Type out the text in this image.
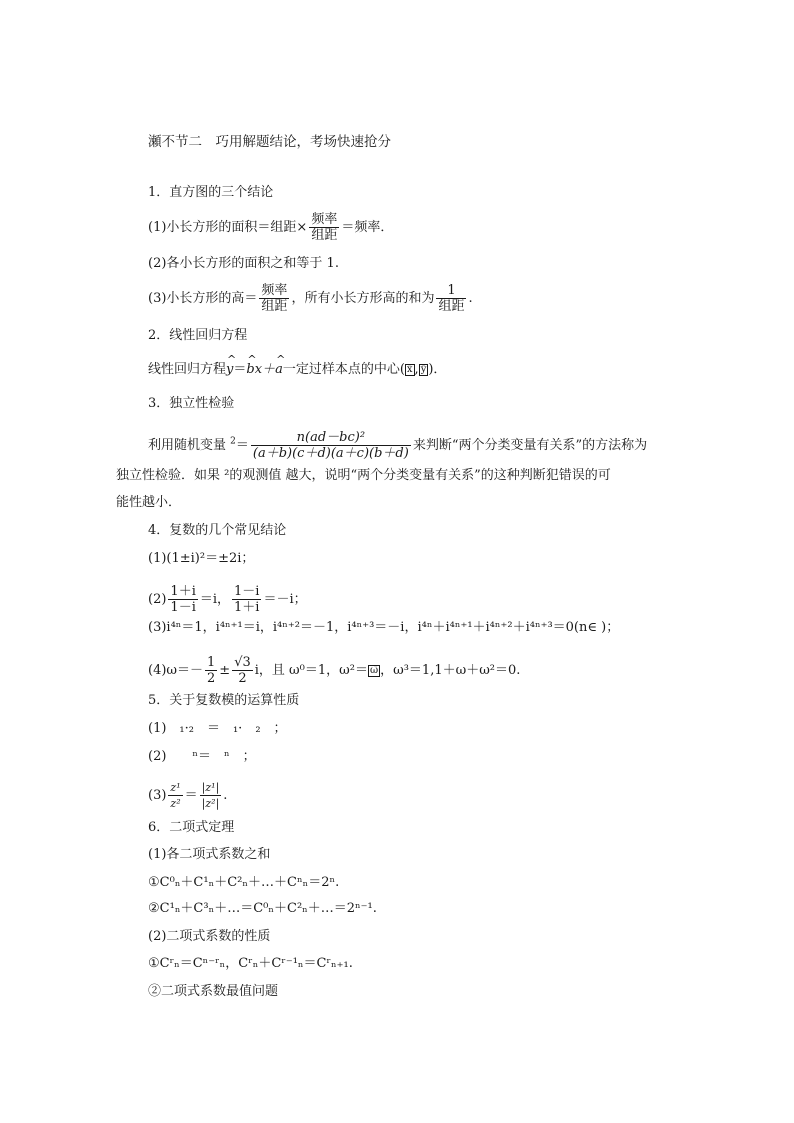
瀬不节二　巧用解题结论，考场快速抢分
1．直方图的三个结论
(1)小长方形的面积＝组距× $\frac{\text{频率}}{\text{组距}}$ ＝频率．
(2)各小长方形的面积之和等于 1.
(3)小长方形的高＝ $\frac{\text{频率}}{\text{组距}}$ ，所有小长方形高的和为 $\frac{1}{\text{组距}}$ .
2．线性回归方程
线性回归方程^ y＝^ bx＋^ a一定过样本点的中心( x̄ , ȳ )．
3．独立性检验
利用随机变量 $^2= \frac{\text{n(ad－bc)²}}{(a+b)(c+d)(a+c)(b+d)}$ 来判断“两个分类变量有关系”的方法称为
独立性检验．如果 ²的观测值 越大，说明“两个分类变量有关系”的这种判断犯错误的可
能性越小．
4．复数的几个常见结论
(1)(1±i)²＝±2i；
$(2) \frac{1+i}{1-i} =i$， $\frac{1-i}{1+i} =-i$；
(3)i⁴ⁿ＝1，i⁴ⁿ⁺¹＝i，i⁴ⁿ⁺²＝－1，i⁴ⁿ⁺³＝－i，i⁴ⁿ＋i⁴ⁿ⁺¹＋i⁴ⁿ⁺²＋i⁴ⁿ⁺³＝0(n∈ )；
$(4)\omega=- \frac{1}{2} \pm \frac{√3}{2}$ i，且 ω⁰＝1，ω²＝ ω̄ ，ω³＝1,1＋ω＋ω²＝0.
5．关于复数模的运算性质
(1)　₁·₂　＝　₁·　₂　；
(2)　　ⁿ＝　ⁿ　；
$(3) \frac{\text{z¹}}{\text{z²}} = \frac{\text{|z¹|}}{\text{|z²|}}$ .
6．二项式定理
(1)各二项式系数之和
①C⁰ₙ＋C¹ₙ＋C²ₙ＋…＋Cⁿₙ＝2ⁿ.
②C¹ₙ＋C³ₙ＋…＝C⁰ₙ＋C²ₙ＋…＝2ⁿ⁻¹.
(2)二项式系数的性质
①Cʳₙ＝Cⁿ⁻ʳₙ，Cʳₙ＋Cʳ⁻¹ₙ＝Cʳₙ₊₁.
②二项式系数最值问题
